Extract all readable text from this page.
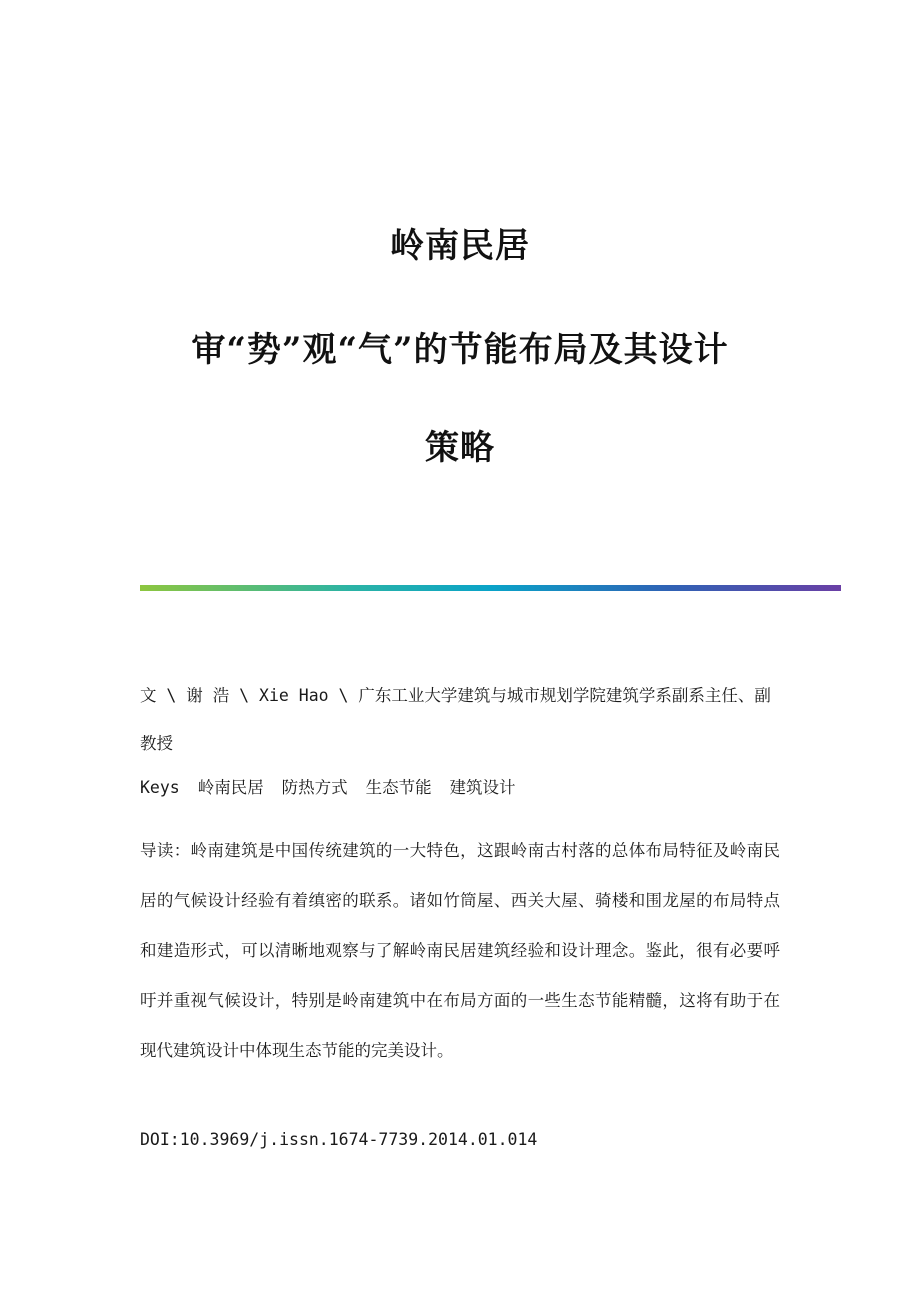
岭南民居
审“势”观“气”的节能布局及其设计
策略
文 \ 谢 浩 \ Xie Hao \ 广东工业大学建筑与城市规划学院建筑学系副系主任、副教授
Keys 岭南民居 防热方式 生态节能 建筑设计
导读：岭南建筑是中国传统建筑的一大特色，这跟岭南古村落的总体布局特征及岭南民居的气候设计经验有着缜密的联系。诸如竹筒屋、西关大屋、骑楼和围龙屋的布局特点和建造形式，可以清晰地观察与了解岭南民居建筑经验和设计理念。鉴此，很有必要呼吁并重视气候设计，特别是岭南建筑中在布局方面的一些生态节能精髓，这将有助于在现代建筑设计中体现生态节能的完美设计。
DOI:10.3969/j.issn.1674-7739.2014.01.014
